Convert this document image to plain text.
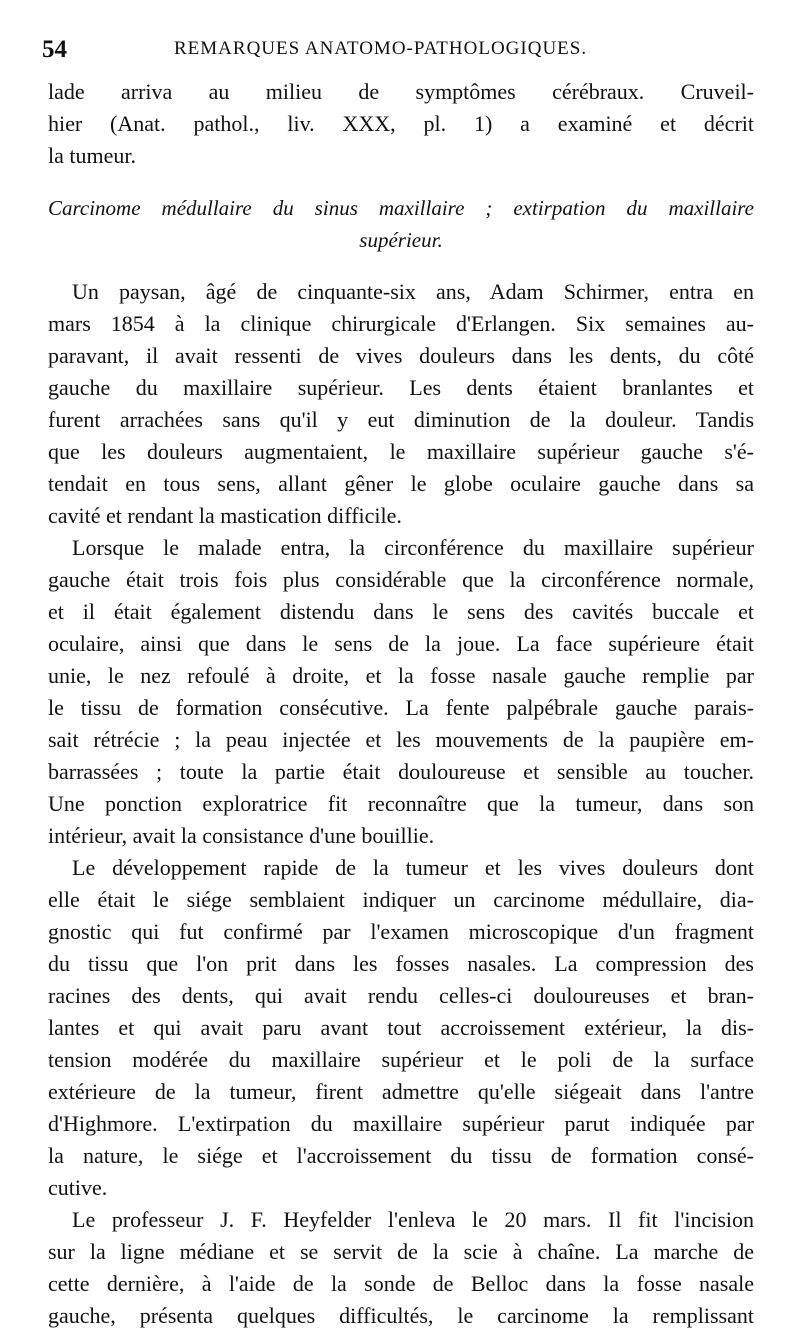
54	REMARQUES ANATOMO-PATHOLOGIQUES.
lade arriva au milieu de symptômes cérébraux. Cruveil-
hier (Anat. pathol., liv. XXX, pl. 1) a examiné et décrit
la tumeur.
Carcinome médullaire du sinus maxillaire ; extirpation du maxillaire
supérieur.
Un paysan, âgé de cinquante-six ans, Adam Schirmer, entra en
mars 1854 à la clinique chirurgicale d'Erlangen. Six semaines au-
paravant, il avait ressenti de vives douleurs dans les dents, du côté
gauche du maxillaire supérieur. Les dents étaient branlantes et
furent arrachées sans qu'il y eut diminution de la douleur. Tandis
que les douleurs augmentaient, le maxillaire supérieur gauche s'é-
tendait en tous sens, allant gêner le globe oculaire gauche dans sa
cavité et rendant la mastication difficile.
Lorsque le malade entra, la circonférence du maxillaire supérieur
gauche était trois fois plus considérable que la circonférence normale,
et il était également distendu dans le sens des cavités buccale et
oculaire, ainsi que dans le sens de la joue. La face supérieure était
unie, le nez refoulé à droite, et la fosse nasale gauche remplie par
le tissu de formation consécutive. La fente palpébrale gauche parais-
sait rétrécie ; la peau injectée et les mouvements de la paupière em-
barrassées ; toute la partie était douloureuse et sensible au toucher.
Une ponction exploratrice fit reconnaître que la tumeur, dans son
intérieur, avait la consistance d'une bouillie.
Le développement rapide de la tumeur et les vives douleurs dont
elle était le siége semblaient indiquer un carcinome médullaire, dia-
gnostic qui fut confirmé par l'examen microscopique d'un fragment
du tissu que l'on prit dans les fosses nasales. La compression des
racines des dents, qui avait rendu celles-ci douloureuses et bran-
lantes et qui avait paru avant tout accroissement extérieur, la dis-
tension modérée du maxillaire supérieur et le poli de la surface
extérieure de la tumeur, firent admettre qu'elle siégeait dans l'antre
d'Highmore. L'extirpation du maxillaire supérieur parut indiquée par
la nature, le siége et l'accroissement du tissu de formation consé-
cutive.
Le professeur J. F. Heyfelder l'enleva le 20 mars. Il fit l'incision
sur la ligne médiane et se servit de la scie à chaîne. La marche de
cette dernière, à l'aide de la sonde de Belloc dans la fosse nasale
gauche, présenta quelques difficultés, le carcinome la remplissant
